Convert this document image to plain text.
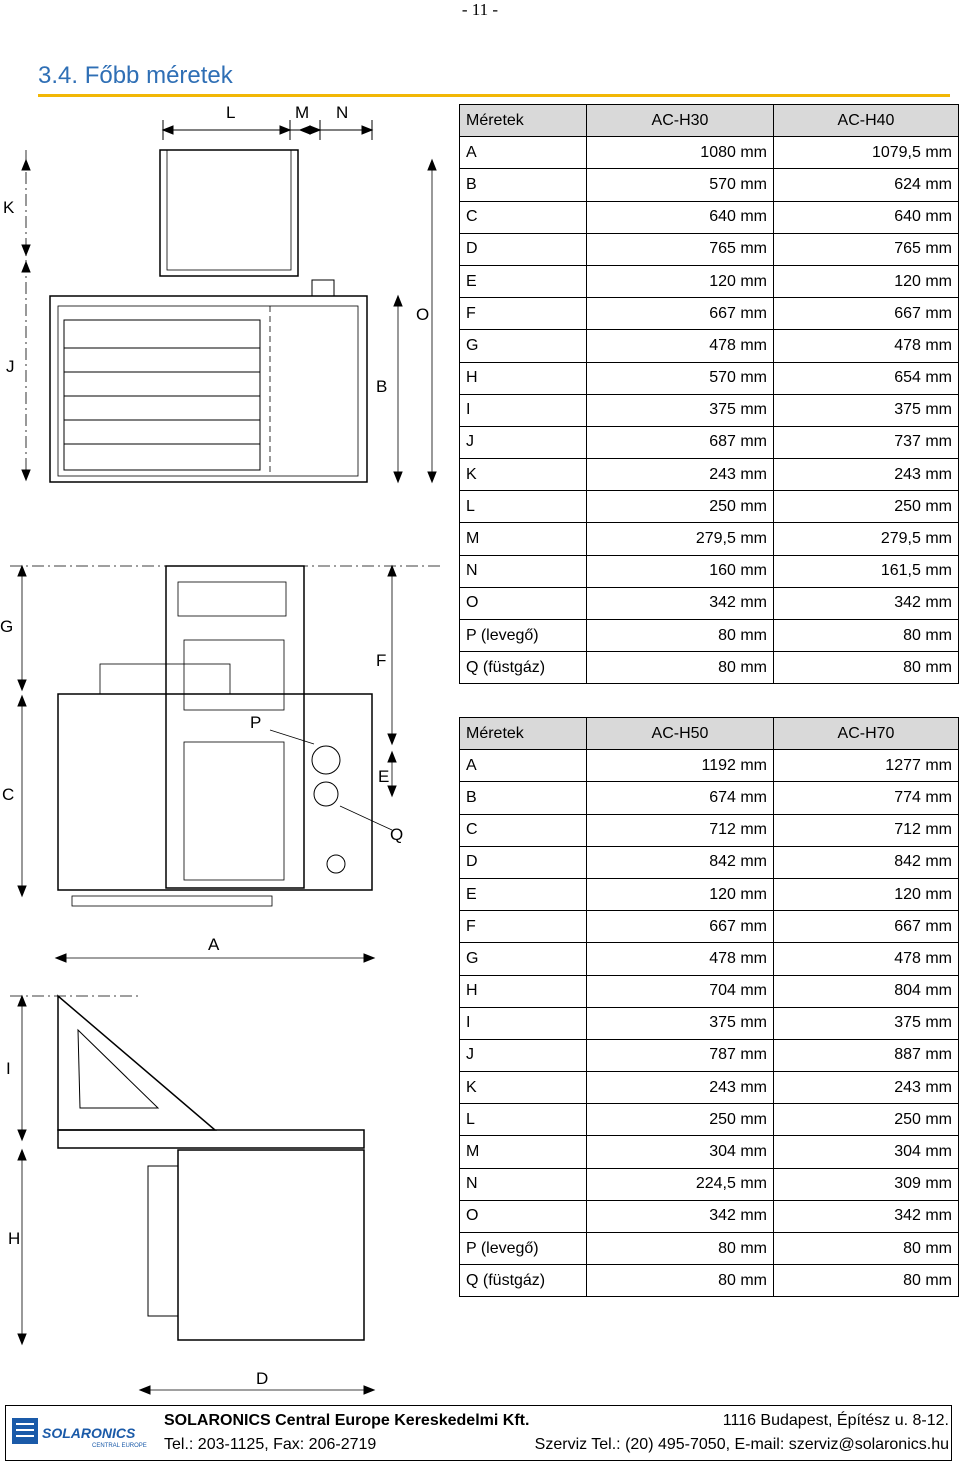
- 11 -
3.4. Főbb méretek
L	M N
K
J
B
O
P
Q
G
F
E
C
A
I
H
D
Méretek	AC-H30	AC-H40
A	1080 mm	1079,5 mm
B	570 mm	624 mm
C	640 mm	640 mm
D	765 mm	765 mm
E	120 mm	120 mm
F	667 mm	667 mm
G	478 mm	478 mm
H	570 mm	654 mm
I	375 mm	375 mm
J	687 mm	737 mm
K	243 mm	243 mm
L	250 mm	250 mm
M	279,5 mm	279,5 mm
N	160 mm	161,5 mm
O	342 mm	342 mm
P (levegő)	80 mm	80 mm
Q (füstgáz)	80 mm	80 mm
Méretek	AC-H50	AC-H70
A	1192 mm	1277 mm
B	674 mm	774 mm
C	712 mm	712 mm
D	842 mm	842 mm
E	120 mm	120 mm
F	667 mm	667 mm
G	478 mm	478 mm
H	704 mm	804 mm
I	375 mm	375 mm
J	787 mm	887 mm
K	243 mm	243 mm
L	250 mm	250 mm
M	304 mm	304 mm
N	224,5 mm	309 mm
O	342 mm	342 mm
P (levegő)	80 mm	80 mm
Q (füstgáz)	80 mm	80 mm
SOLARONICS
CENTRAL EUROPE
SOLARONICS Central Europe Kereskedelmi Kft.	1116 Budapest, Építész u. 8-12.
Tel.: 203-1125, Fax: 206-2719	Szerviz Tel.: (20) 495-7050, E-mail: szerviz@solaronics.hu
